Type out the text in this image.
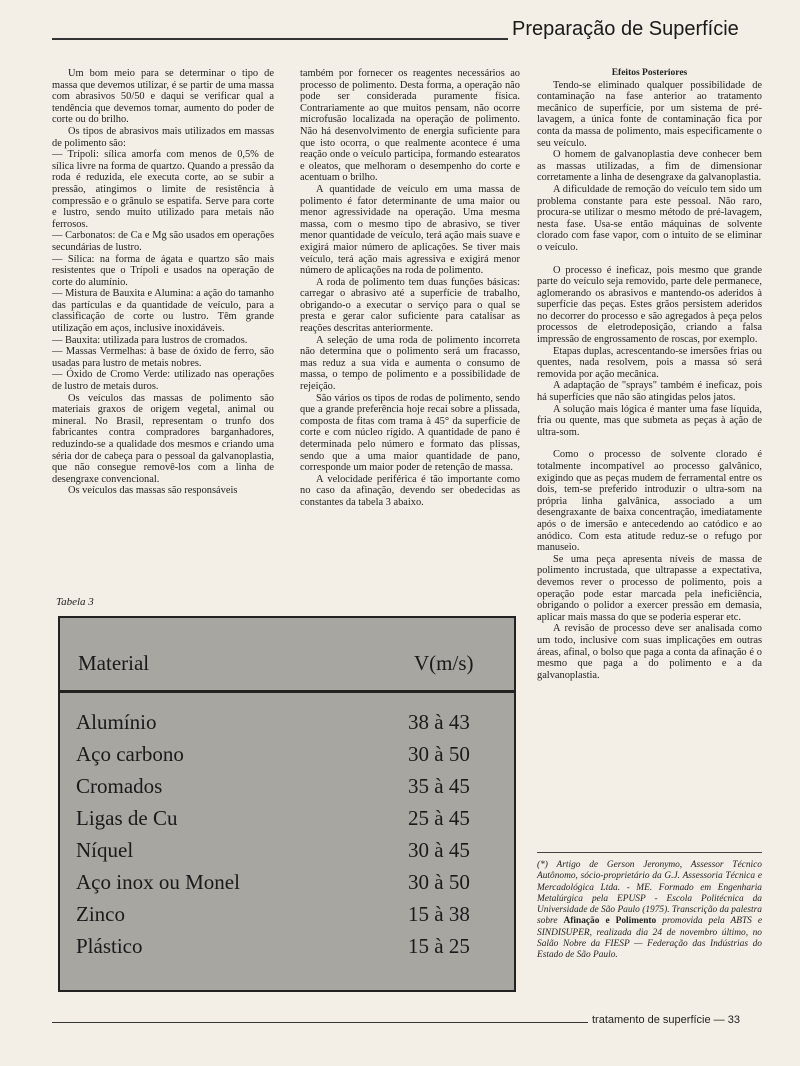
Preparação de Superfície

Um bom meio para se determinar o tipo de massa que devemos utilizar, é se partir de uma massa com abrasivos 50/50 e daqui se verificar qual a tendência que devemos tomar, aumento do poder de corte ou do brilho.

Os tipos de abrasivos mais utilizados em massas de polimento são:

— Trípoli: sílica amorfa com menos de 0,5% de sílica livre na forma de quartzo. Quando a pressão da roda é reduzida, ele executa corte, ao se subir a pressão, atingimos o limite de resistência à compressão e o grânulo se espatifa. Serve para corte e lustro, sendo muito utilizado para metais não ferrosos.

— Carbonatos: de Ca e Mg são usados em operações secundárias de lustro.

— Sílica: na forma de ágata e quartzo são mais resistentes que o Trípoli e usados na operação de corte do alumínio.

— Mistura de Bauxita e Alumina: a ação do tamanho das partículas e da quantidade de veículo, para a classificação de corte ou lustro. Têm grande utilização em aços, inclusive inoxidáveis.

— Bauxita: utilizada para lustros de cromados.

— Massas Vermelhas: à base de óxido de ferro, são usadas para lustro de metais nobres.

— Óxido de Cromo Verde: utilizado nas operações de lustro de metais duros.

Os veículos das massas de polimento são materiais graxos de origem vegetal, animal ou mineral. No Brasil, representam o trunfo dos fabricantes contra compradores barganhadores, reduzindo-se a qualidade dos mesmos e criando uma séria dor de cabeça para o pessoal da galvanoplastia, que não consegue removê-los com a linha de desengraxe convencional.

Os veículos das massas são responsáveis

também por fornecer os reagentes necessários ao processo de polimento. Desta forma, a operação não pode ser considerada puramente física. Contrariamente ao que muitos pensam, não ocorre microfusão localizada na operação de polimento. Não há desenvolvimento de energia suficiente para que isto ocorra, o que realmente acontece é uma reação onde o veículo participa, formando estearatos e oleatos, que melhoram o desempenho do corte e acentuam o brilho.

A quantidade de veículo em uma massa de polimento é fator determinante de uma maior ou menor agressividade na operação. Uma mesma massa, com o mesmo tipo de abrasivo, se tiver menor quantidade de veículo, terá ação mais suave e exigirá maior número de aplicações. Se tiver mais veículo, terá ação mais agressiva e exigirá menor número de aplicações na roda de polimento.

A roda de polimento tem duas funções básicas: carregar o abrasivo até a superfície de trabalho, obrigando-o a executar o serviço para o qual se presta e gerar calor suficiente para catalisar as reações descritas anteriormente.

A seleção de uma roda de polimento incorreta não determina que o polimento será um fracasso, mas reduz a sua vida e aumenta o consumo de massa, o tempo de polimento e a possibilidade de rejeição.

São vários os tipos de rodas de polimento, sendo que a grande preferência hoje recai sobre a plissada, composta de fitas com trama à 45° da superfície de corte e com núcleo rígido. A quantidade de pano é determinada pelo número e formato das plissas, sendo que a uma maior quantidade de pano, corresponde um maior poder de retenção de massa.

A velocidade periférica é tão importante como no caso da afinação, devendo ser obedecidas as constantes da tabela 3 abaixo.

Efeitos Posteriores

Tendo-se eliminado qualquer possibilidade de contaminação na fase anterior ao tratamento mecânico de superfície, por um sistema de pré-lavagem, a única fonte de contaminação fica por conta da massa de polimento, mais especificamente o seu veículo.

O homem de galvanoplastia deve conhecer bem as massas utilizadas, a fim de dimensionar corretamente a linha de desengraxe da galvanoplastia.

A dificuldade de remoção do veículo tem sido um problema constante para este pessoal. Não raro, procura-se utilizar o mesmo método de pré-lavagem, nesta fase. Usa-se então máquinas de solvente clorado com fase vapor, com o intuito de se eliminar o veículo.

O processo é ineficaz, pois mesmo que grande parte do veículo seja removido, parte dele permanece, aglomerando os abrasivos e mantendo-os aderidos à superfície das peças. Estes grãos persistem aderidos no decorrer do processo e são agregados à peça pelos processos de eletrodeposição, criando a falsa impressão de engrossamento de roscas, por exemplo.

Etapas duplas, acrescentando-se imersões frias ou quentes, nada resolvem, pois a massa só será removida por ação mecânica.

A adaptação de "sprays" também é ineficaz, pois há superfícies que não são atingidas pelos jatos.

A solução mais lógica é manter uma fase líquida, fria ou quente, mas que submeta as peças à ação de ultra-som.

Como o processo de solvente clorado é totalmente incompatível ao processo galvânico, exigindo que as peças mudem de ferramental entre os dois, tem-se preferido introduzir o ultra-som na própria linha galvânica, associado a um desengraxante de baixa concentração, imediatamente após o de imersão e antecedendo ao catódico e ao anódico. Com esta atitude reduz-se o refugo por manuseio.

Se uma peça apresenta níveis de massa de polimento incrustada, que ultrapasse a expectativa, devemos rever o processo de polimento, pois a operação pode estar marcada pela ineficiência, obrigando o polidor a exercer pressão em demasia, aplicar mais massa do que se poderia esperar etc.

A revisão de processo deve ser analisada como um todo, inclusive com suas implicações em outras áreas, afinal, o bolso que paga a conta da afinação é o mesmo que paga a do polimento e a da galvanoplastia.

Tabela 3
Material	V(m/s)
Alumínio	38 à 43
Aço carbono	30 à 50
Cromados	35 à 45
Ligas de Cu	25 à 45
Níquel	30 à 45
Aço inox ou Monel	30 à 50
Zinco	15 à 38
Plástico	15 à 25
(*) Artigo de Gerson Jeronymo, Assessor Técnico Autônomo, sócio-proprietário da G.J. Assessoria Técnica e Mercadológica Ltda. - ME. Formado em Engenharia Metalúrgica pela EPUSP - Escola Politécnica da Universidade de São Paulo (1975). Transcrição da palestra sobre Afinação e Polimento promovida pela ABTS e SINDISUPER, realizada dia 24 de novembro último, no Salão Nobre da FIESP — Federação das Indústrias do Estado de São Paulo.
tratamento de superfície — 33
